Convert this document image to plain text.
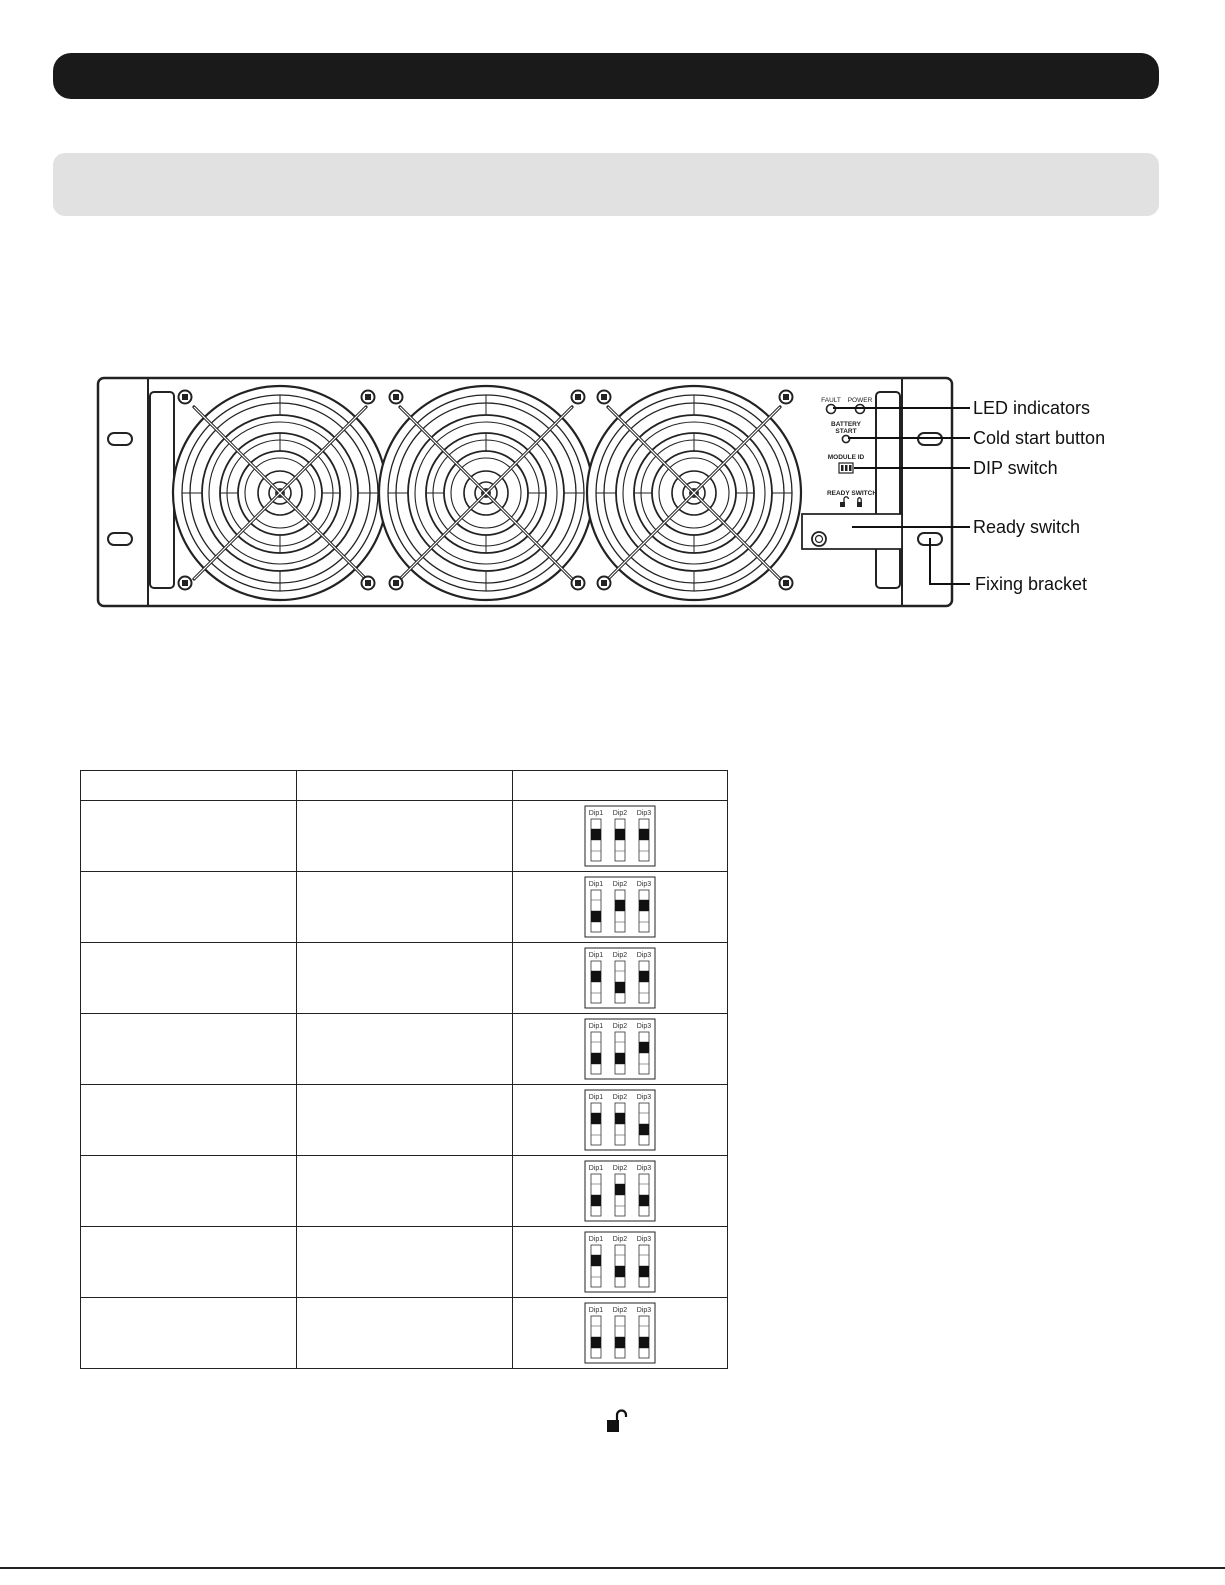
FAULT POWER
BATTERY
START
MODULE ID
READY SWITCH
LED indicators
Cold start button
DIP switch
Ready switch
Fixing bracket

Dip1 Dip2 Dip3

Dip1 Dip2 Dip3

Dip1 Dip2 Dip3

Dip1 Dip2 Dip3

Dip1 Dip2 Dip3

Dip1 Dip2 Dip3

Dip1 Dip2 Dip3

Dip1 Dip2 Dip3
